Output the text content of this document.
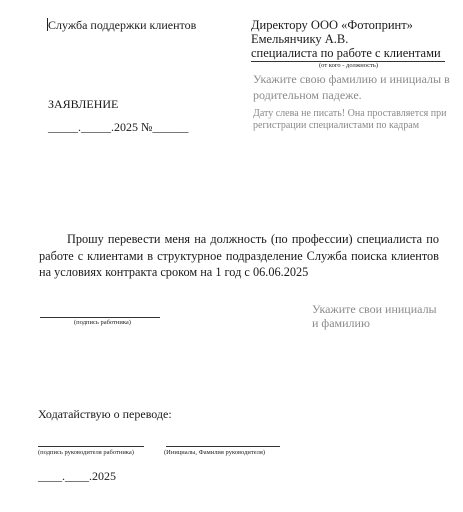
Служба поддержки клиентов	Директору ООО «Фотопринт»
Емельянчику А.В.
специалиста по работе с клиентами
(от кого - должность)
Укажите свою фамилию и инициалы в
родительном падеже.
Дату слева не писать! Она проставляется при
регистрации специалистами по кадрам
ЗАЯВЛЕНИЕ
_____._____.2025 №______
Прошу перевести меня на должность (по профессии) специалиста по работе с клиентами в структурное подразделение Служба поиска клиентов на условиях контракта сроком на 1 год с 06.06.2025
(подпись работника)
Укажите свои инициалы
и фамилию
Ходатайствую о переводе:
(подпись руководителя работника)	(Инициалы, Фамилия руководителя)
____.____.2025
